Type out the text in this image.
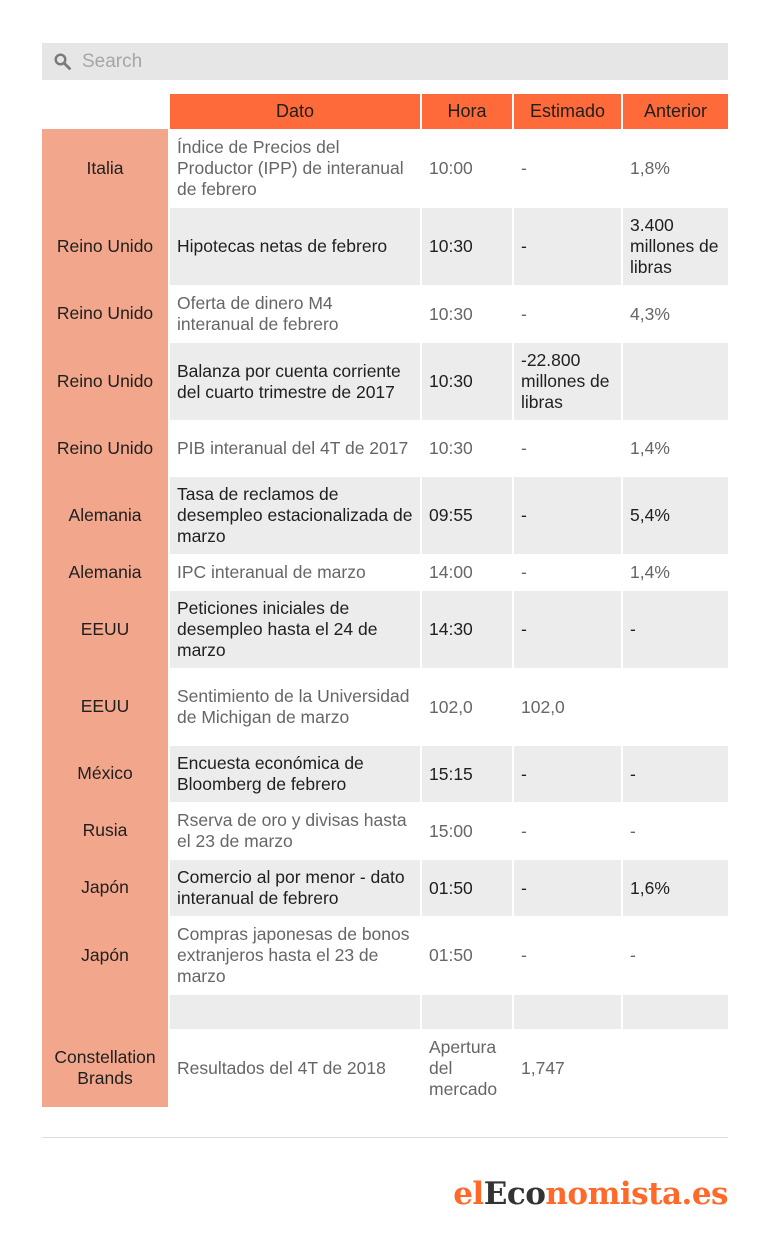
Search
	Dato	Hora	Estimado	Anterior
Italia	Índice de Precios del Productor (IPP) de interanual de febrero	10:00	-	1,8%
Reino Unido	Hipotecas netas de febrero	10:30	-	3.400 millones de libras
Reino Unido	Oferta de dinero M4 interanual de febrero	10:30	-	4,3%
Reino Unido	Balanza por cuenta corriente del cuarto trimestre de 2017	10:30	-22.800 millones de libras	
Reino Unido	PIB interanual del 4T de 2017	10:30	-	1,4%
Alemania	Tasa de reclamos de desempleo estacionalizada de marzo	09:55	-	5,4%
Alemania	IPC interanual de marzo	14:00	-	1,4%
EEUU	Peticiones iniciales de desempleo hasta el 24 de marzo	14:30	-	-
EEUU	Sentimiento de la Universidad de Michigan de marzo	102,0	102,0	
México	Encuesta económica de Bloomberg de febrero	15:15	-	-
Rusia	Rserva de oro y divisas hasta el 23 de marzo	15:00	-	-
Japón	Comercio al por menor - dato interanual de febrero	01:50	-	1,6%
Japón	Compras japonesas de bonos extranjeros hasta el 23 de marzo	01:50	-	-

Constellation Brands	Resultados del 4T de 2018	Apertura del mercado	1,747	
elEconomista.es
